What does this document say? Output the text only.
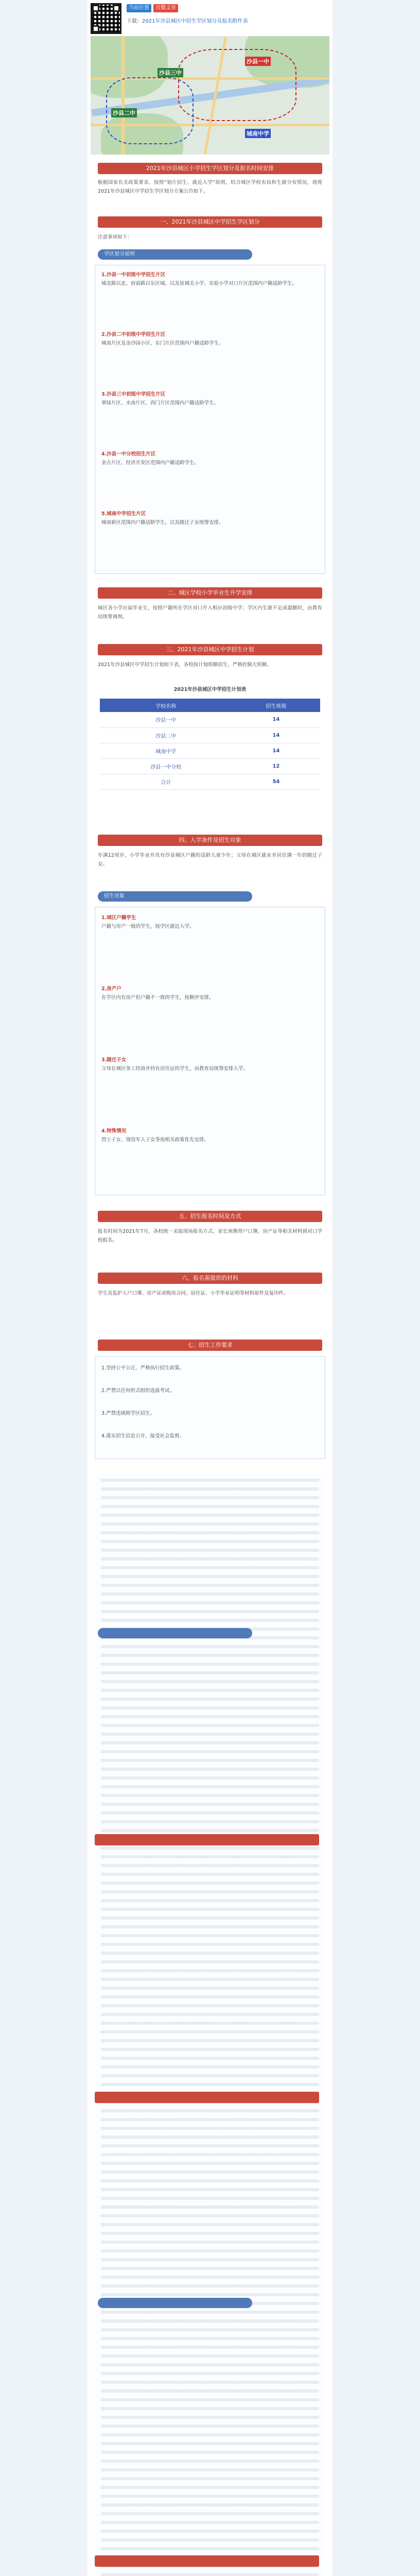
当前位置	官微文章
下载：2021年沙县城区中招生学区划分及报名附件表
沙县一中
沙县三中
沙县二中
城南中学
2021年沙县城区小学招生学区划分及报名时间安排
根据国家有关政策要求，按照“划片招生、就近入学”原则，结合城区学校布局和生源分布情况，现将2021年沙县城区中学招生学区划分方案公告如下。
一、2021年沙县城区中学招生学区划分
注意事项如下：
学区划分说明
1.沙县一中初级中学招生片区
城北路以北、府前路以东区域，以及原城关小学、实验小学对口片区范围内户籍适龄学生。
2.沙县二中初级中学招生片区
城南片区及金沙园小区、东门片区范围内户籍适龄学生。
3.沙县三中初级中学招生片区
翠绿片区、水南片区、西门片区范围内户籍适龄学生。
4.沙县一中分校招生片区
金古片区、经济开发区范围内户籍适龄学生。
5.城南中学招生片区
城南新区范围内户籍适龄学生，以及随迁子女统筹安排。
二、城区学校小学毕业生升学安排
城区各小学应届毕业生，按照户籍所在学区对口升入相应初级中学；学区内生源不足或超额时，由教育局统筹调剂。
三、2021年沙县城区中学招生计划
2021年沙县城区中学招生计划如下表，各校按计划班额招生，严格控制大班额。
2021年沙县城区中学招生计划表
学校名称	招生班级
沙县一中	14
沙县二中	14
城南中学	14
沙县一中分校	12
合计	54
四、入学条件及招生对象
年满12周岁、小学毕业并具有沙县城区户籍的适龄儿童少年；父母在城区就业并居住满一年的随迁子女。
招生对象
1.城区户籍学生
户籍与房产一致的学生，按学区就近入学。
2.房产户
在学区内有房产但户籍不一致的学生，按顺序安排。
3.随迁子女
父母在城区务工经商并持有居住证的学生，由教育局统筹安排入学。
4.特殊情况
烈士子女、现役军人子女等按相关政策优先安排。
五、招生报名时间及方式
报名时间为2021年7月，各校统一采取现场报名方式，家长须携带户口簿、房产证等相关材料到对口学校报名。
六、报名需提供的材料
学生及监护人户口簿、房产证或购房合同、居住证、小学毕业证明等材料原件及复印件。
七、招生工作要求
1.坚持公平公正，严格执行招生政策。
2.严禁以任何形式组织选拔考试。
3.严禁违规跨学区招生。
4.落实招生信息公开，接受社会监督。
